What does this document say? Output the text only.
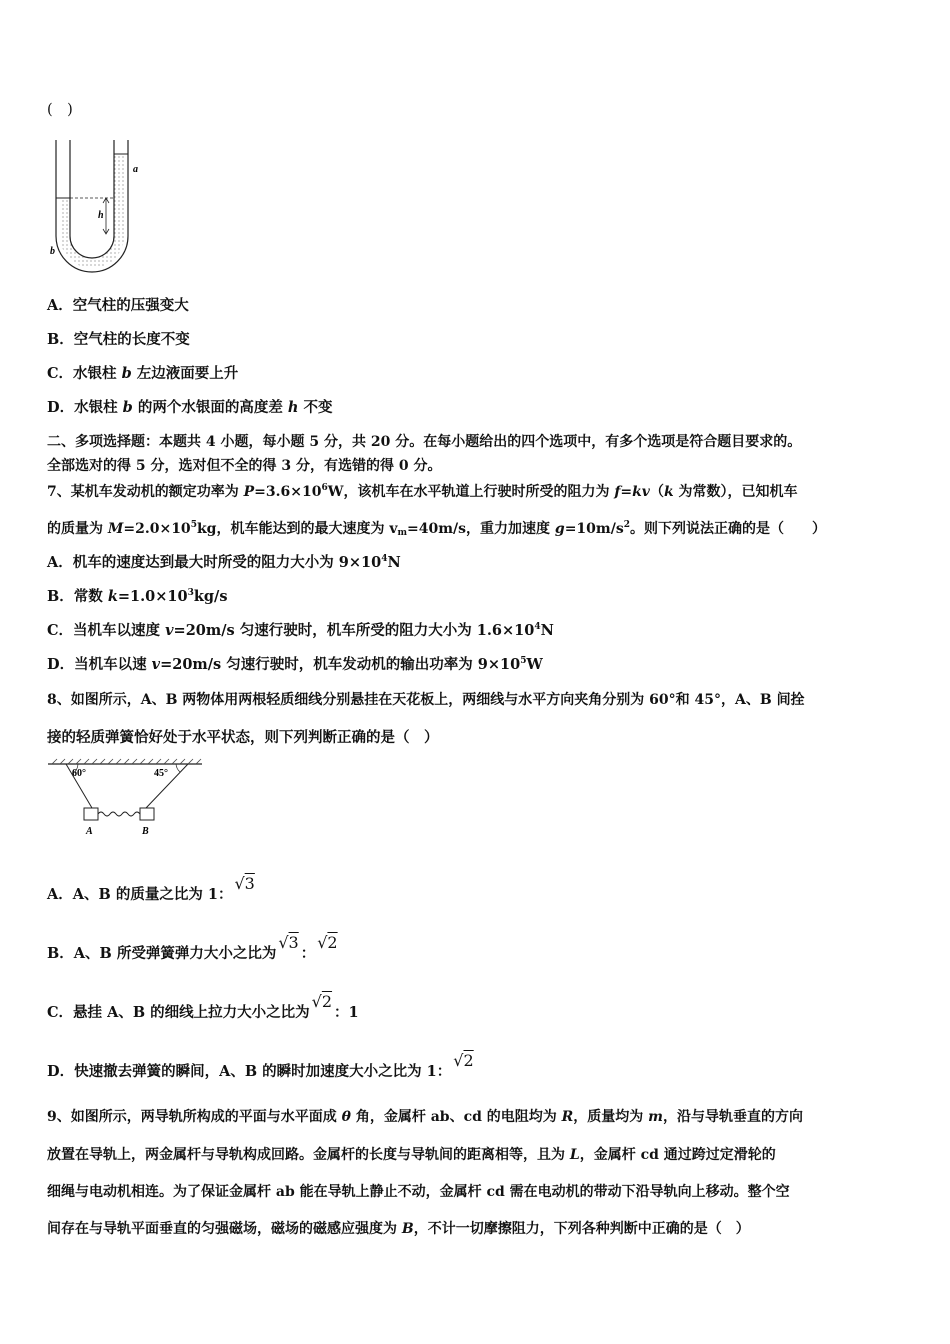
(　)
h
a
b
A．空气柱的压强变大
B．空气柱的长度不变
C．水银柱 b 左边液面要上升
D．水银柱 b 的两个水银面的高度差 h 不变
二、多项选择题：本题共 4 小题，每小题 5 分，共 20 分。在每小题给出的四个选项中，有多个选项是符合题目要求的。
全部选对的得 5 分，选对但不全的得 3 分，有选错的得 0 分。
7、某机车发动机的额定功率为 $P=3.6\times 10^6W$，该机车在水平轨道上行驶时所受的阻力为 f=kv（k 为常数），已知机车
的质量为 $M=2.0\times 10^5kg$，机车能达到的最大速度为 $v_m=40m/s$，重力加速度 $g=10m/s^2$。则下列说法正确的是（　　）
A．机车的速度达到最大时所受的阻力大小为 $9\times 10^4N$
B．常数 $k=1.0\times 10^3kg/s$
C．当机车以速度 v=20m/s 匀速行驶时，机车所受的阻力大小为 $1.6\times 10^4N$
D．当机车以速 v=20m/s 匀速行驶时，机车发动机的输出功率为 $9\times 10^5W$
8、如图所示，A、B 两物体用两根轻质细线分别悬挂在天花板上，两细线与水平方向夹角分别为 60°和 45°，A、B 间拴
接的轻质弹簧恰好处于水平状态，则下列判断正确的是（　）
60°	45°
A	B
A．A、B 的质量之比为 1：√3
B．A、B 所受弹簧弹力大小之比为√3：√2
C．悬挂 A、B 的细线上拉力大小之比为√2：1
D．快速撤去弹簧的瞬间，A、B 的瞬时加速度大小之比为 1：√2
9、如图所示，两导轨所构成的平面与水平面成 θ 角，金属杆 ab、cd 的电阻均为 R，质量均为 m，沿与导轨垂直的方向
放置在导轨上，两金属杆与导轨构成回路。金属杆的长度与导轨间的距离相等，且为 L，金属杆 cd 通过跨过定滑轮的
细绳与电动机相连。为了保证金属杆 ab 能在导轨上静止不动，金属杆 cd 需在电动机的带动下沿导轨向上移动。整个空
间存在与导轨平面垂直的匀强磁场，磁场的磁感应强度为 B，不计一切摩擦阻力，下列各种判断中正确的是（　）
